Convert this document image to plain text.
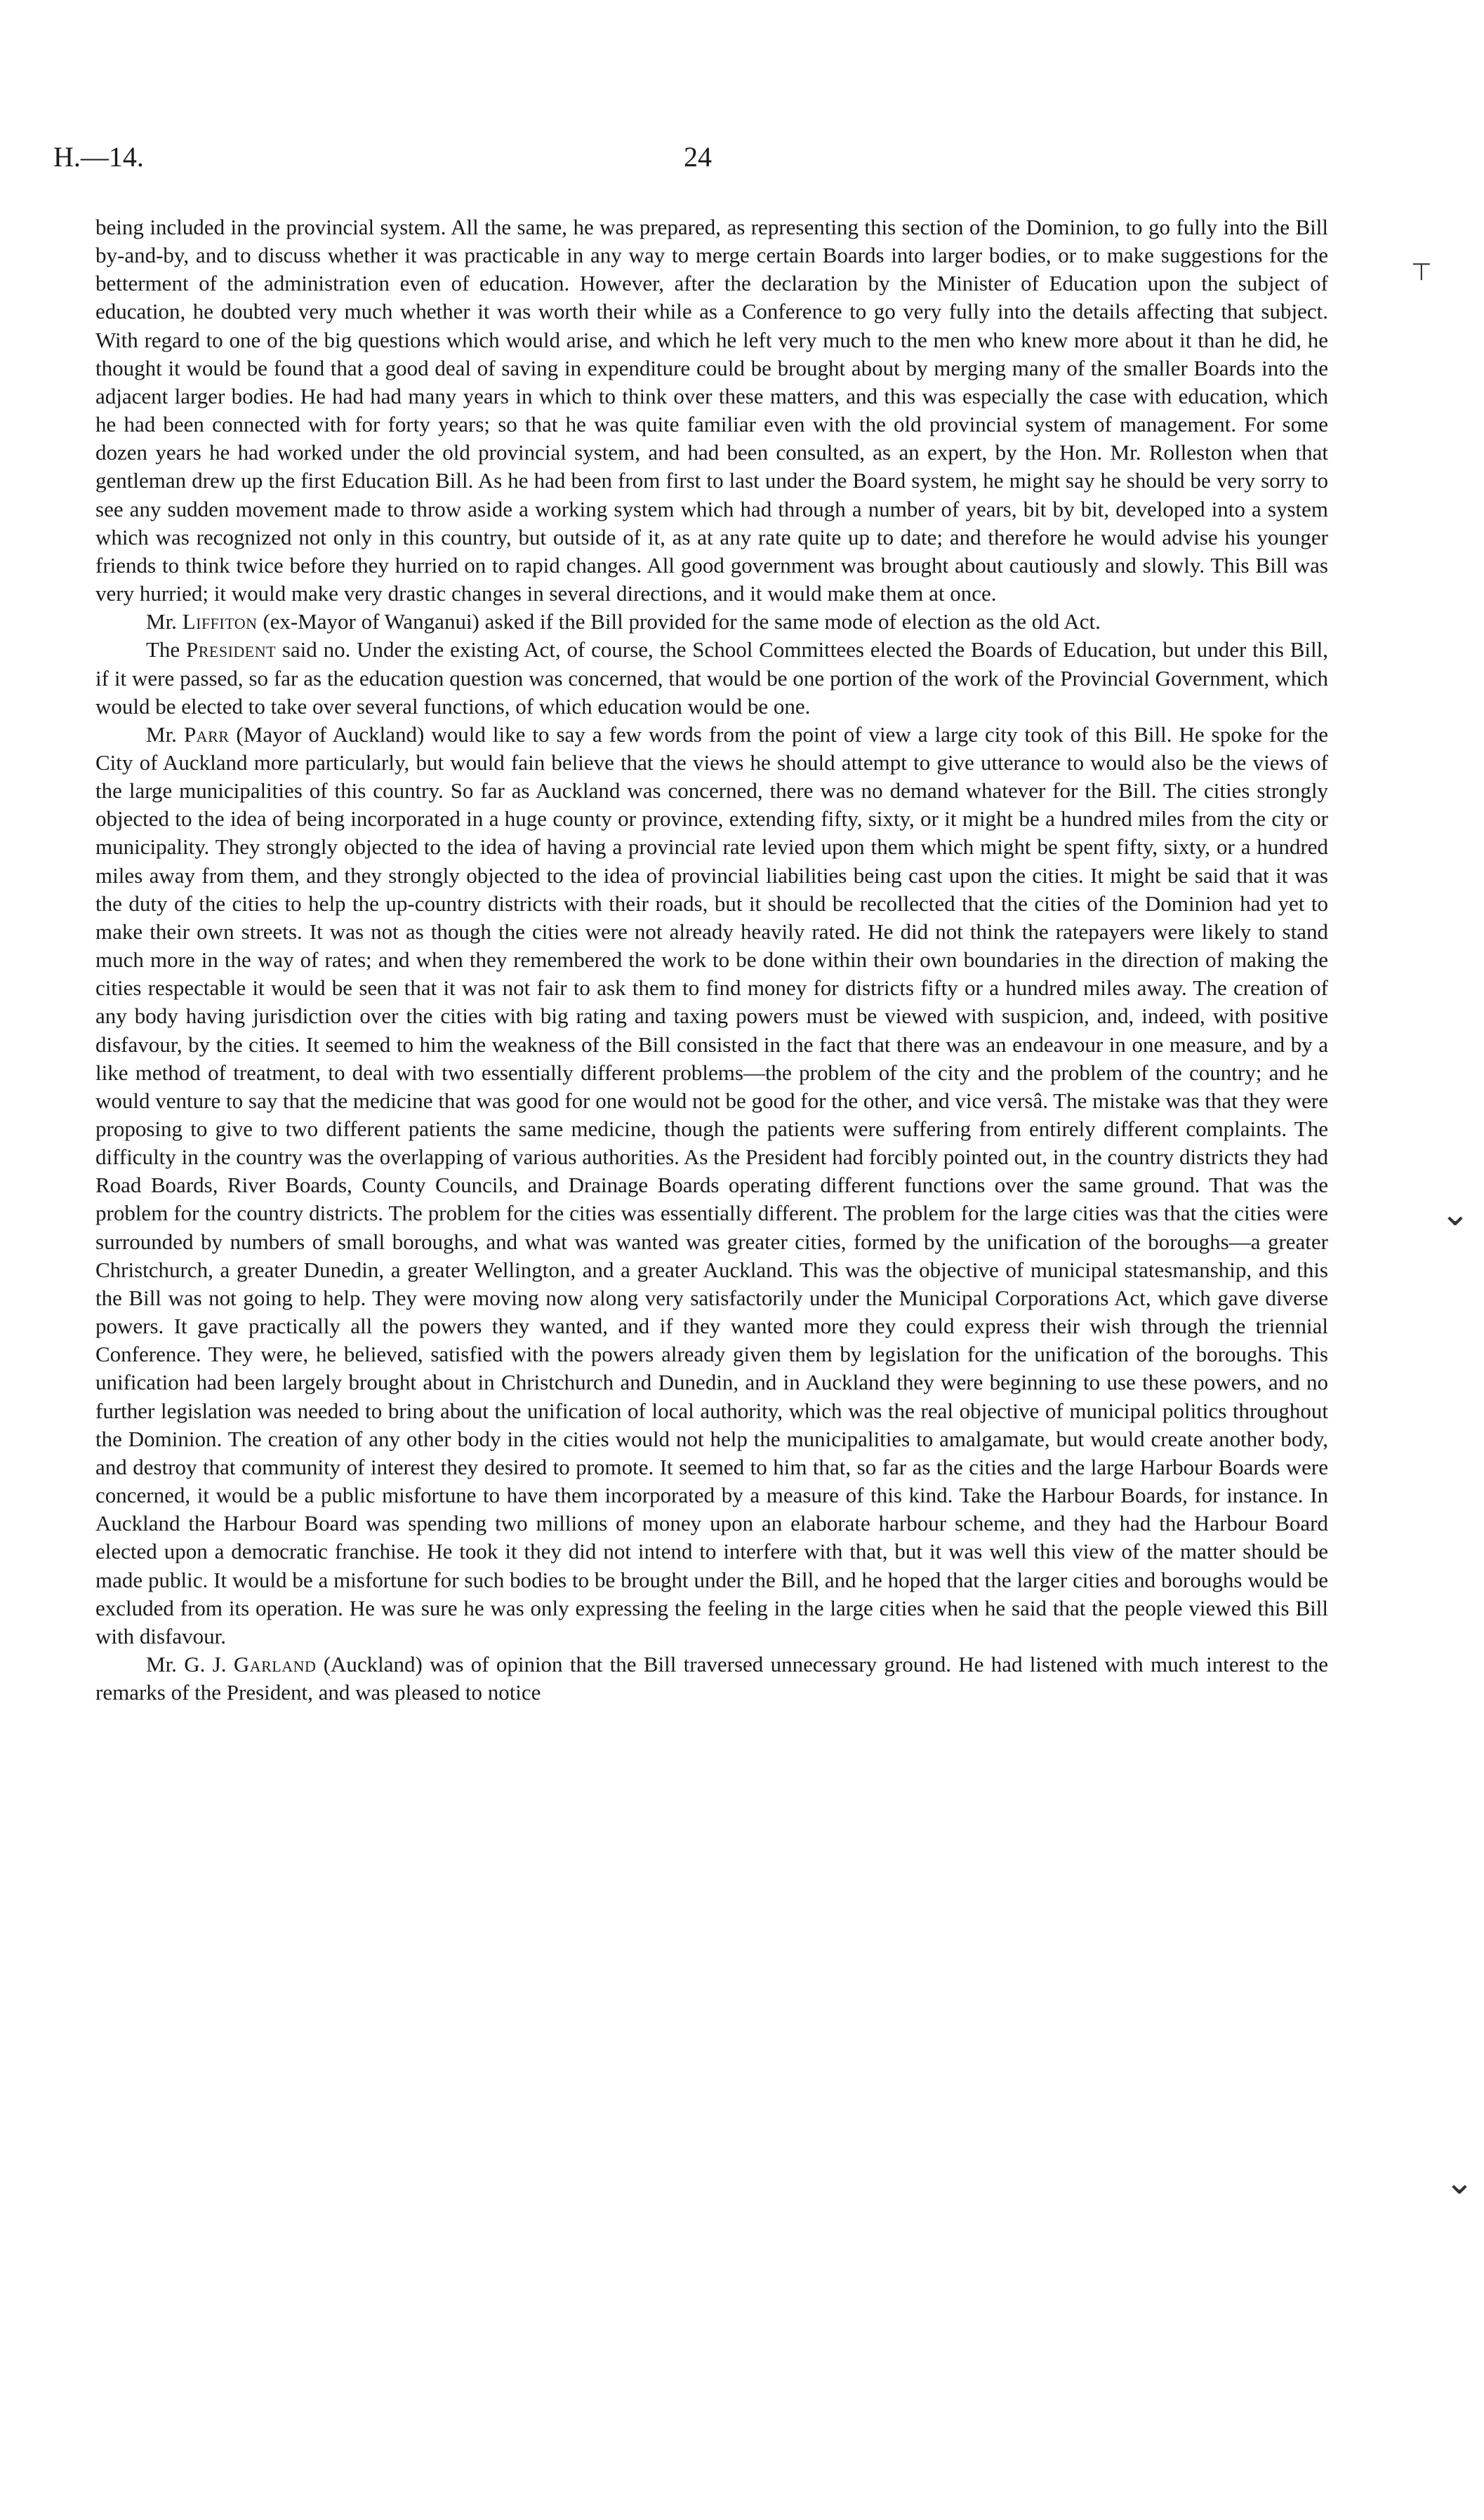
H.—14.	24

being included in the provincial system. All the same, he was prepared, as representing this section of the Dominion, to go fully into the Bill by-and-by, and to discuss whether it was practicable in any way to merge certain Boards into larger bodies, or to make suggestions for the betterment of the administration even of education. However, after the declaration by the Minister of Education upon the subject of education, he doubted very much whether it was worth their while as a Conference to go very fully into the details affecting that subject. With regard to one of the big questions which would arise, and which he left very much to the men who knew more about it than he did, he thought it would be found that a good deal of saving in expenditure could be brought about by merging many of the smaller Boards into the adjacent larger bodies. He had had many years in which to think over these matters, and this was especially the case with education, which he had been connected with for forty years; so that he was quite familiar even with the old provincial system of management. For some dozen years he had worked under the old provincial system, and had been consulted, as an expert, by the Hon. Mr. Rolleston when that gentleman drew up the first Education Bill. As he had been from first to last under the Board system, he might say he should be very sorry to see any sudden movement made to throw aside a working system which had through a number of years, bit by bit, developed into a system which was recognized not only in this country, but outside of it, as at any rate quite up to date; and therefore he would advise his younger friends to think twice before they hurried on to rapid changes. All good government was brought about cautiously and slowly. This Bill was very hurried; it would make very drastic changes in several directions, and it would make them at once.

Mr. Liffiton (ex-Mayor of Wanganui) asked if the Bill provided for the same mode of election as the old Act.

The President said no. Under the existing Act, of course, the School Committees elected the Boards of Education, but under this Bill, if it were passed, so far as the education question was concerned, that would be one portion of the work of the Provincial Government, which would be elected to take over several functions, of which education would be one.

Mr. Parr (Mayor of Auckland) would like to say a few words from the point of view a large city took of this Bill. He spoke for the City of Auckland more particularly, but would fain believe that the views he should attempt to give utterance to would also be the views of the large municipalities of this country. So far as Auckland was concerned, there was no demand whatever for the Bill. The cities strongly objected to the idea of being incorporated in a huge county or province, extending fifty, sixty, or it might be a hundred miles from the city or municipality. They strongly objected to the idea of having a provincial rate levied upon them which might be spent fifty, sixty, or a hundred miles away from them, and they strongly objected to the idea of provincial liabilities being cast upon the cities. It might be said that it was the duty of the cities to help the up-country districts with their roads, but it should be recollected that the cities of the Dominion had yet to make their own streets. It was not as though the cities were not already heavily rated. He did not think the ratepayers were likely to stand much more in the way of rates; and when they remembered the work to be done within their own boundaries in the direction of making the cities respectable it would be seen that it was not fair to ask them to find money for districts fifty or a hundred miles away. The creation of any body having jurisdiction over the cities with big rating and taxing powers must be viewed with suspicion, and, indeed, with positive disfavour, by the cities. It seemed to him the weakness of the Bill consisted in the fact that there was an endeavour in one measure, and by a like method of treatment, to deal with two essentially different problems—the problem of the city and the problem of the country; and he would venture to say that the medicine that was good for one would not be good for the other, and vice versâ. The mistake was that they were proposing to give to two different patients the same medicine, though the patients were suffering from entirely different complaints. The difficulty in the country was the overlapping of various authorities. As the President had forcibly pointed out, in the country districts they had Road Boards, River Boards, County Councils, and Drainage Boards operating different functions over the same ground. That was the problem for the country districts. The problem for the cities was essentially different. The problem for the large cities was that the cities were surrounded by numbers of small boroughs, and what was wanted was greater cities, formed by the unification of the boroughs—a greater Christchurch, a greater Dunedin, a greater Wellington, and a greater Auckland. This was the objective of municipal statesmanship, and this the Bill was not going to help. They were moving now along very satisfactorily under the Municipal Corporations Act, which gave diverse powers. It gave practically all the powers they wanted, and if they wanted more they could express their wish through the triennial Conference. They were, he believed, satisfied with the powers already given them by legislation for the unification of the boroughs. This unification had been largely brought about in Christchurch and Dunedin, and in Auckland they were beginning to use these powers, and no further legislation was needed to bring about the unification of local authority, which was the real objective of municipal politics throughout the Dominion. The creation of any other body in the cities would not help the municipalities to amalgamate, but would create another body, and destroy that community of interest they desired to promote. It seemed to him that, so far as the cities and the large Harbour Boards were concerned, it would be a public misfortune to have them incorporated by a measure of this kind. Take the Harbour Boards, for instance. In Auckland the Harbour Board was spending two millions of money upon an elaborate harbour scheme, and they had the Harbour Board elected upon a democratic franchise. He took it they did not intend to interfere with that, but it was well this view of the matter should be made public. It would be a misfortune for such bodies to be brought under the Bill, and he hoped that the larger cities and boroughs would be excluded from its operation. He was sure he was only expressing the feeling in the large cities when he said that the people viewed this Bill with disfavour.

Mr. G. J. Garland (Auckland) was of opinion that the Bill traversed unnecessary ground. He had listened with much interest to the remarks of the President, and was pleased to notice

⊤
⌄
⌄
